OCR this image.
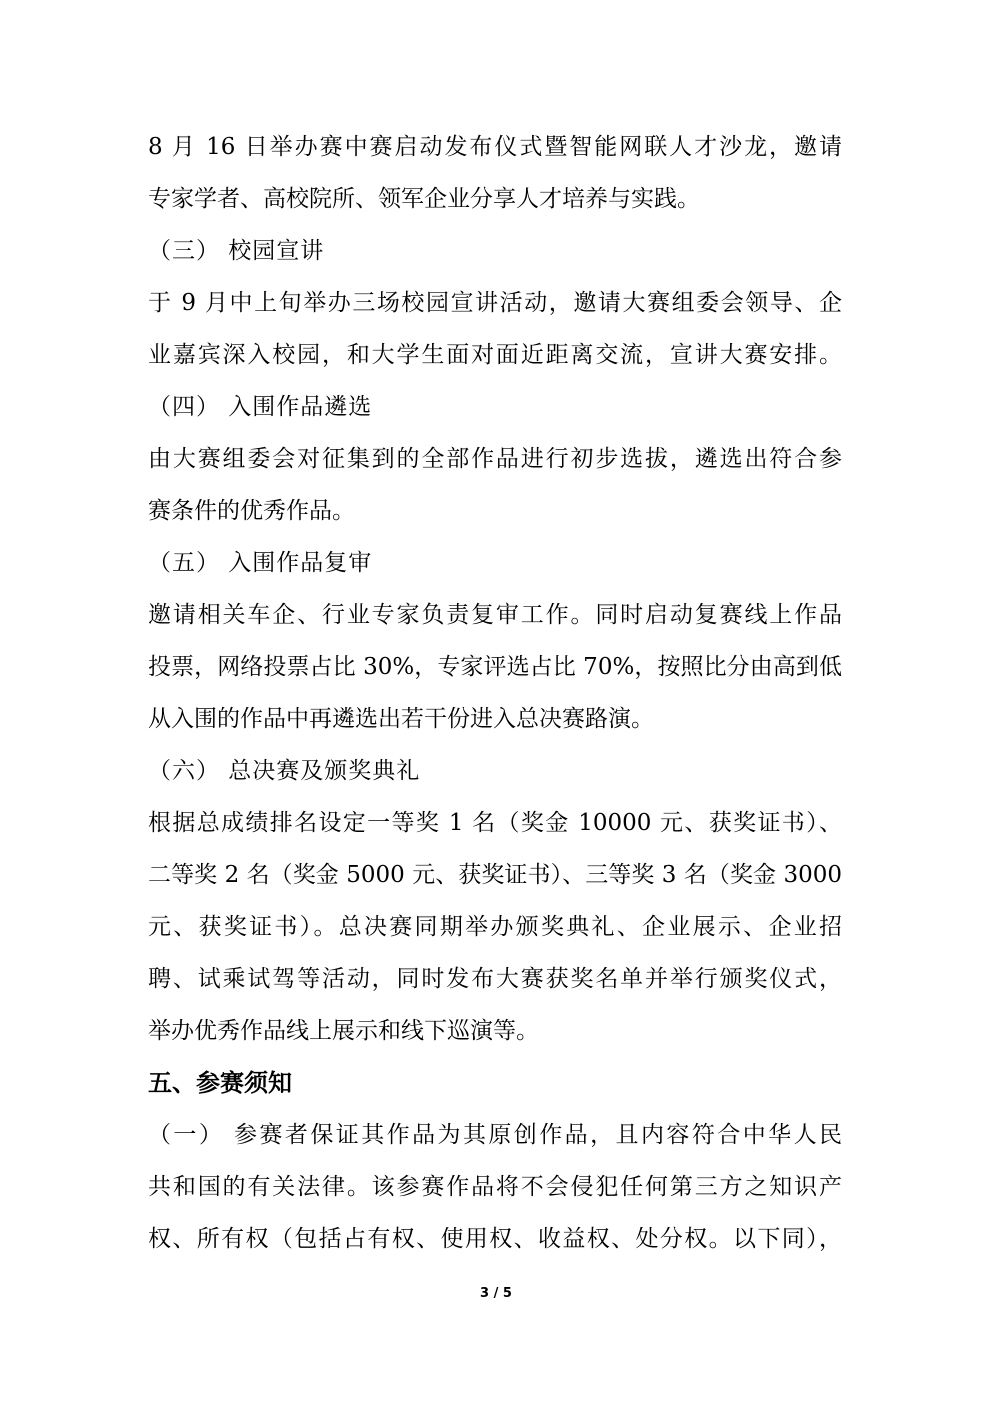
8 月 16 日举办赛中赛启动发布仪式暨智能网联人才沙龙，邀请
专家学者、高校院所、领军企业分享人才培养与实践。
（三） 校园宣讲
于 9 月中上旬举办三场校园宣讲活动，邀请大赛组委会领导、企
业嘉宾深入校园，和大学生面对面近距离交流，宣讲大赛安排。
（四） 入围作品遴选
由大赛组委会对征集到的全部作品进行初步选拔，遴选出符合参
赛条件的优秀作品。
（五） 入围作品复审
邀请相关车企、行业专家负责复审工作。同时启动复赛线上作品
投票，网络投票占比 30%，专家评选占比 70%，按照比分由高到低
从入围的作品中再遴选出若干份进入总决赛路演。
（六） 总决赛及颁奖典礼
根据总成绩排名设定一等奖 1 名（奖金 10000 元、获奖证书）、
二等奖 2 名（奖金 5000 元、获奖证书）、三等奖 3 名（奖金 3000
元、获奖证书）。总决赛同期举办颁奖典礼、企业展示、企业招
聘、试乘试驾等活动，同时发布大赛获奖名单并举行颁奖仪式，
举办优秀作品线上展示和线下巡演等。
五、参赛须知
（一） 参赛者保证其作品为其原创作品，且内容符合中华人民
共和国的有关法律。该参赛作品将不会侵犯任何第三方之知识产
权、所有权（包括占有权、使用权、收益权、处分权。以下同），
3 / 5
